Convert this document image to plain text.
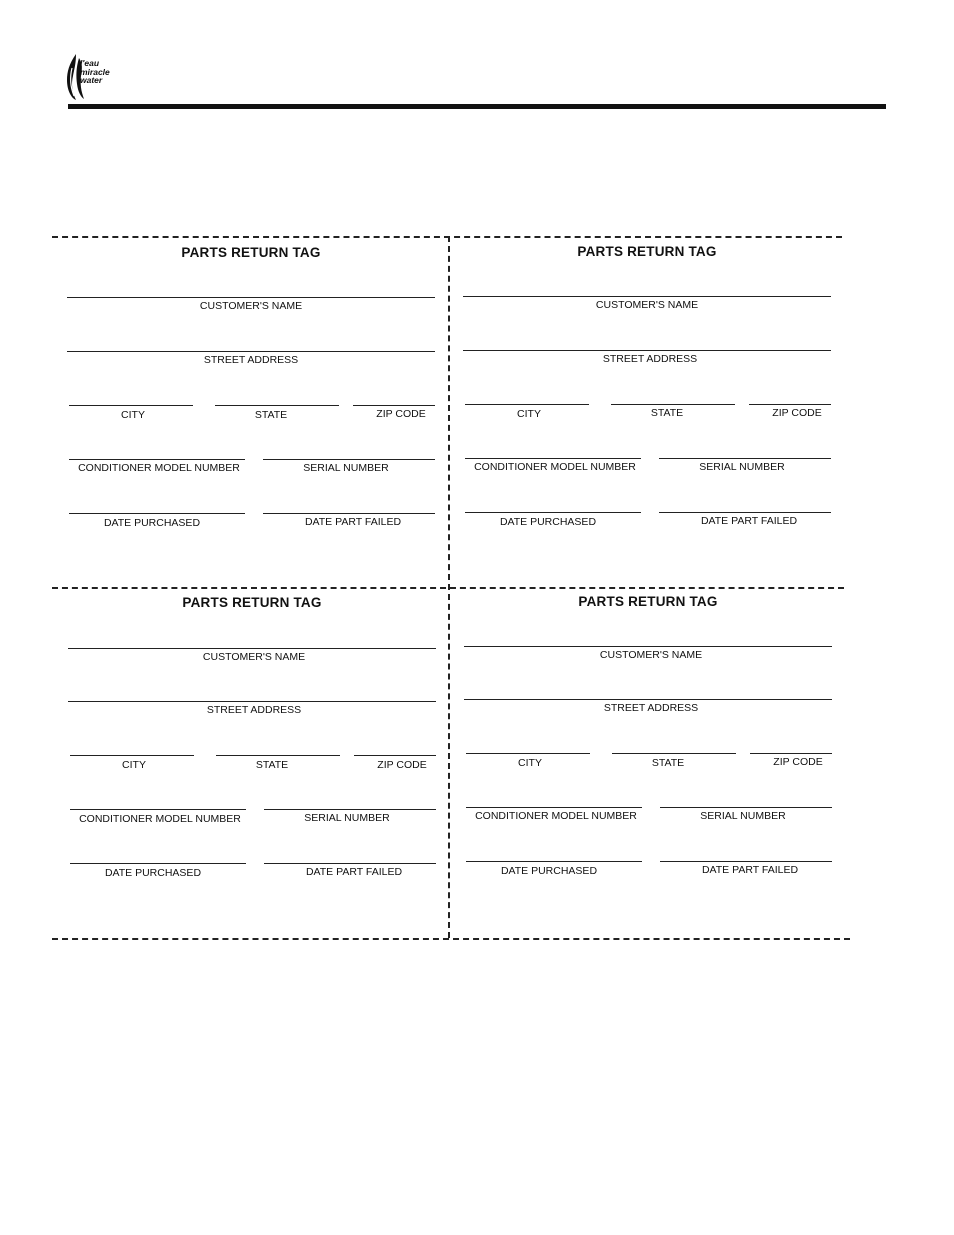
l'eau
miracle
water
PARTS RETURN TAG
CUSTOMER'S NAME
STREET ADDRESS
CITY	STATE	ZIP CODE
CONDITIONER MODEL NUMBER	SERIAL NUMBER
DATE PURCHASED	DATE PART FAILED
PARTS RETURN TAG
CUSTOMER'S NAME
STREET ADDRESS
CITY	STATE	ZIP CODE
CONDITIONER MODEL NUMBER	SERIAL NUMBER
DATE PURCHASED	DATE PART FAILED
PARTS RETURN TAG
CUSTOMER'S NAME
STREET ADDRESS
CITY	STATE	ZIP CODE
CONDITIONER MODEL NUMBER	SERIAL NUMBER
DATE PURCHASED	DATE PART FAILED
PARTS RETURN TAG
CUSTOMER'S NAME
STREET ADDRESS
CITY	STATE	ZIP CODE
CONDITIONER MODEL NUMBER	SERIAL NUMBER
DATE PURCHASED	DATE PART FAILED
